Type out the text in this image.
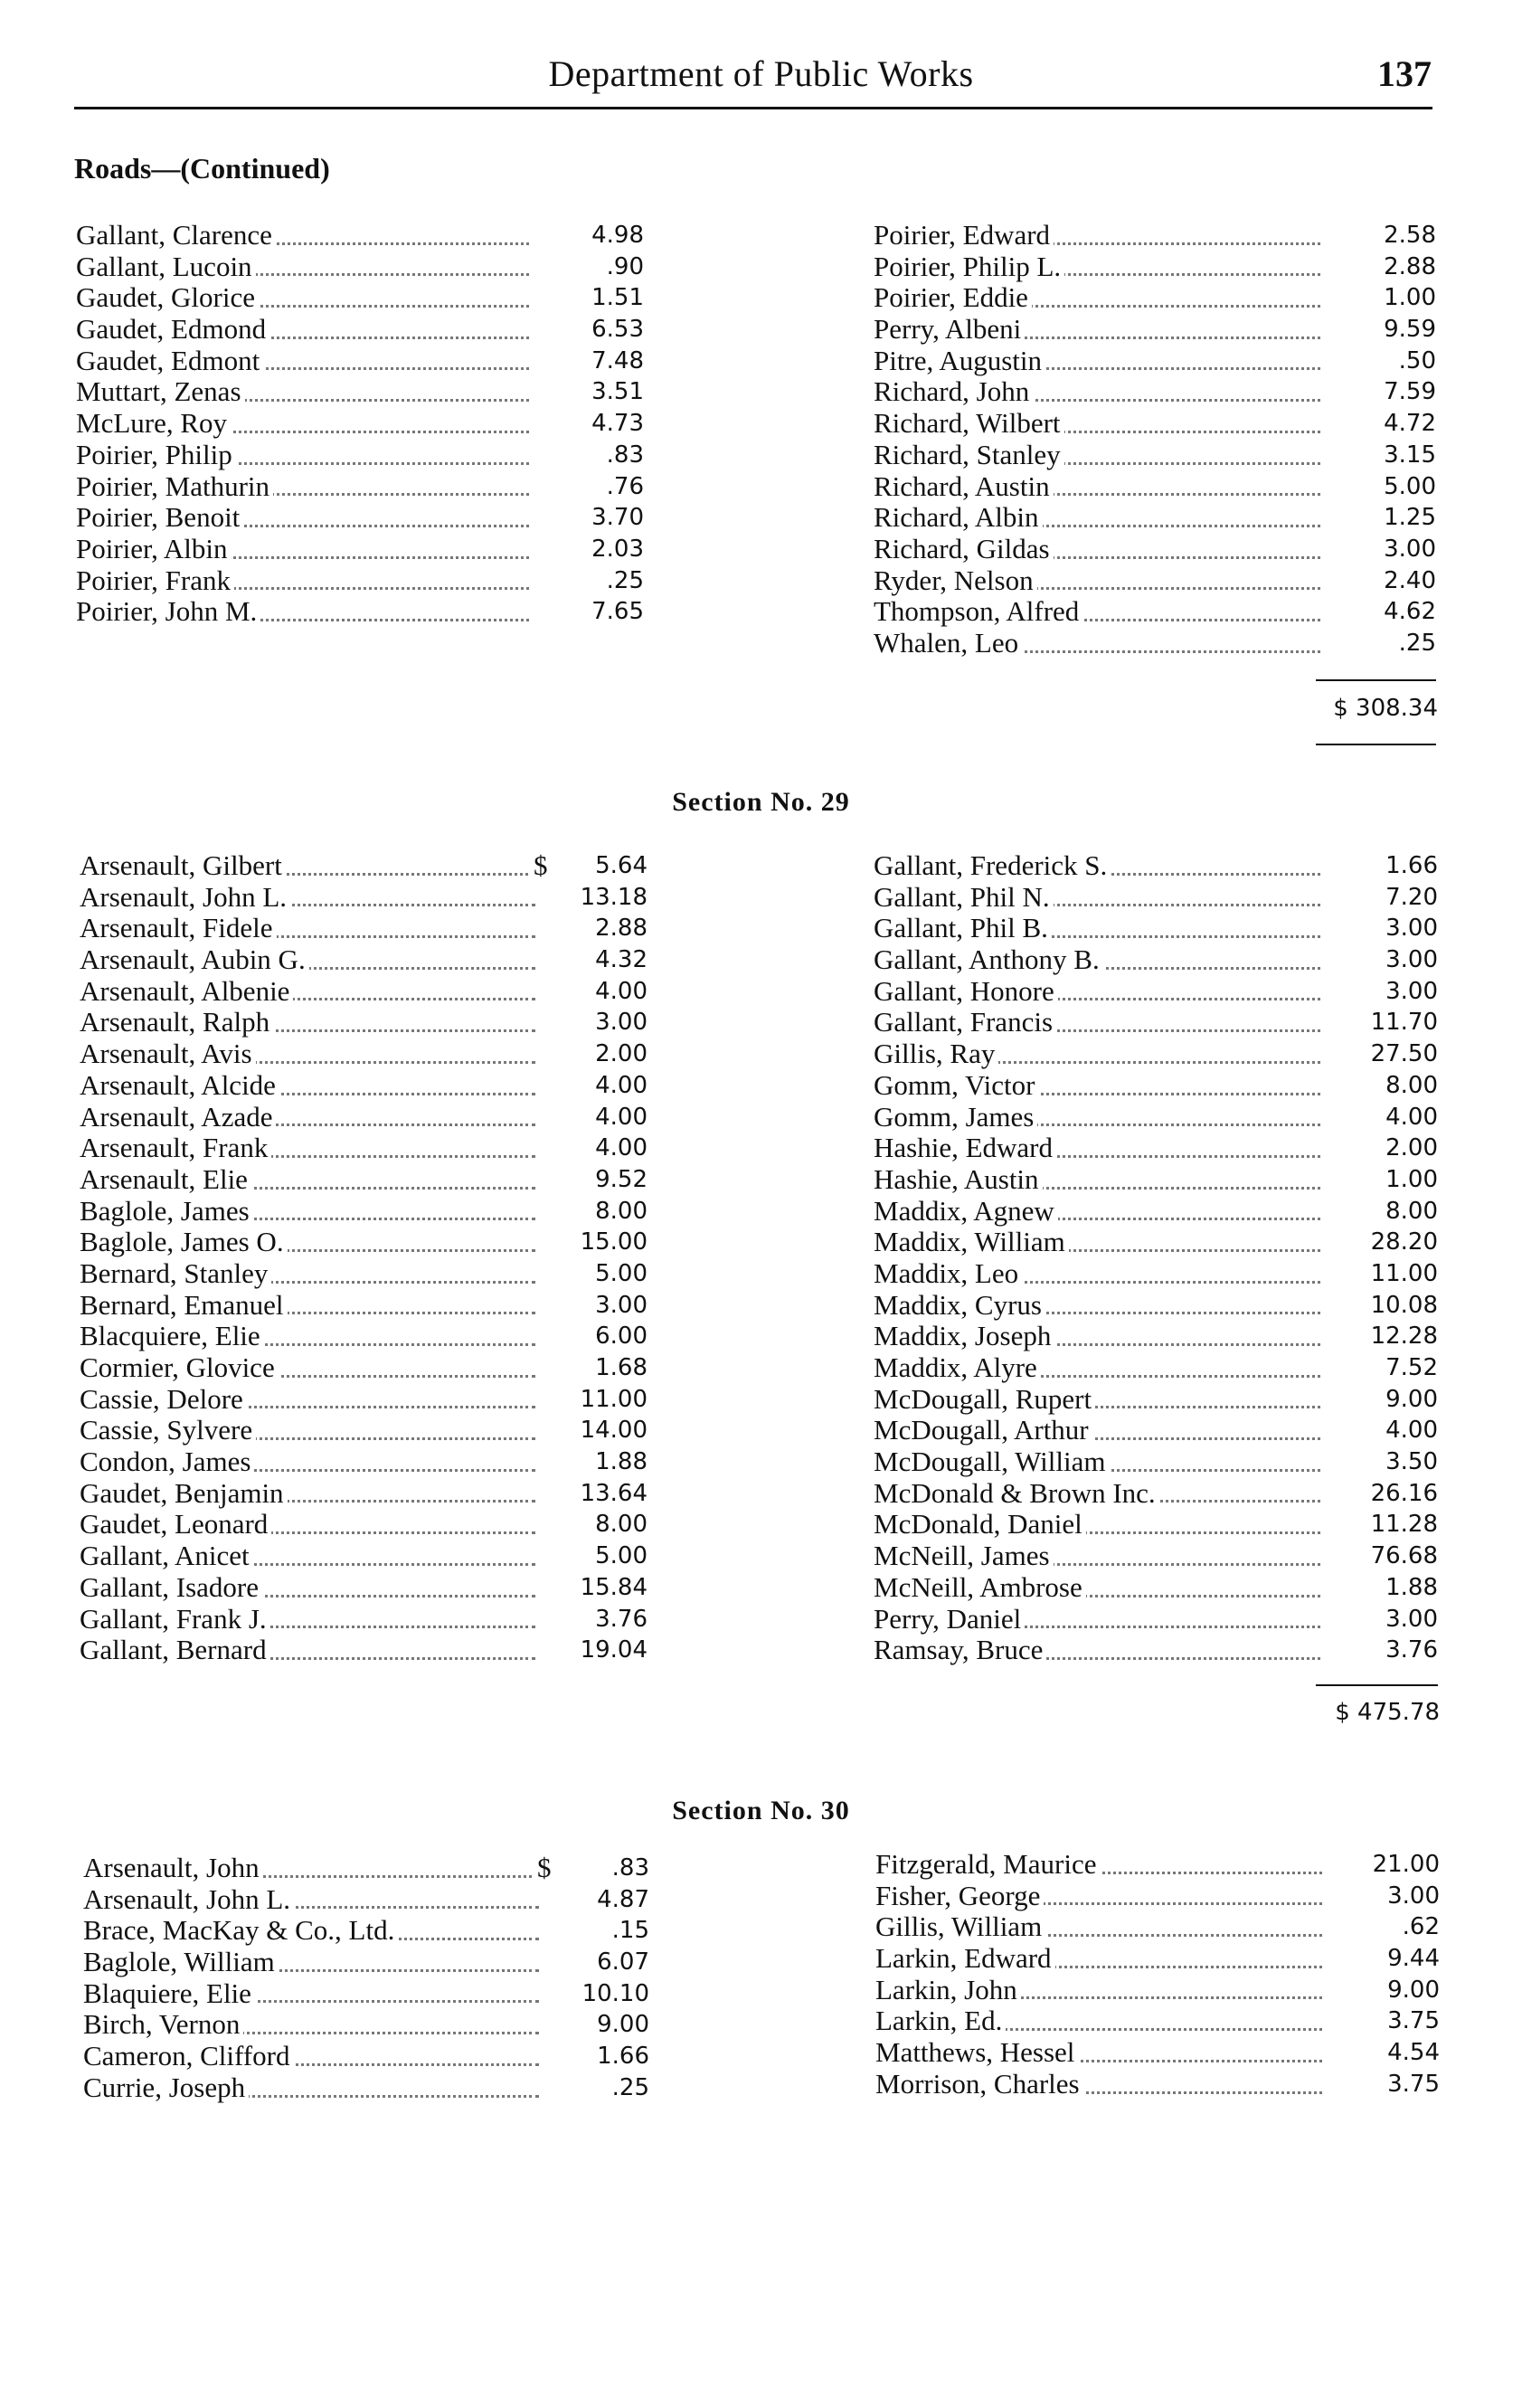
Department of Public Works	137
Roads—(Continued)
Gallant, Clarence	4.98
Gallant, Lucoin	.90
Gaudet, Glorice	1.51
Gaudet, Edmond	6.53
Gaudet, Edmont	7.48
Muttart, Zenas	3.51
McLure, Roy	4.73
Poirier, Philip	.83
Poirier, Mathurin	.76
Poirier, Benoit	3.70
Poirier, Albin	2.03
Poirier, Frank	.25
Poirier, John M.	7.65
Poirier, Edward	2.58
Poirier, Philip L.	2.88
Poirier, Eddie	1.00
Perry, Albeni	9.59
Pitre, Augustin	.50
Richard, John	7.59
Richard, Wilbert	4.72
Richard, Stanley	3.15
Richard, Austin	5.00
Richard, Albin	1.25
Richard, Gildas	3.00
Ryder, Nelson	2.40
Thompson, Alfred	4.62
Whalen, Leo	.25
$ 308.34
Section No. 29
Arsenault, Gilbert	$ 5.64
Arsenault, John L.	13.18
Arsenault, Fidele	2.88
Arsenault, Aubin G.	4.32
Arsenault, Albenie	4.00
Arsenault, Ralph	3.00
Arsenault, Avis	2.00
Arsenault, Alcide	4.00
Arsenault, Azade	4.00
Arsenault, Frank	4.00
Arsenault, Elie	9.52
Baglole, James	8.00
Baglole, James O.	15.00
Bernard, Stanley	5.00
Bernard, Emanuel	3.00
Blacquiere, Elie	6.00
Cormier, Glovice	1.68
Cassie, Delore	11.00
Cassie, Sylvere	14.00
Condon, James	1.88
Gaudet, Benjamin	13.64
Gaudet, Leonard	8.00
Gallant, Anicet	5.00
Gallant, Isadore	15.84
Gallant, Frank J.	3.76
Gallant, Bernard	19.04
Gallant, Frederick S.	1.66
Gallant, Phil N.	7.20
Gallant, Phil B.	3.00
Gallant, Anthony B.	3.00
Gallant, Honore	3.00
Gallant, Francis	11.70
Gillis, Ray	27.50
Gomm, Victor	8.00
Gomm, James	4.00
Hashie, Edward	2.00
Hashie, Austin	1.00
Maddix, Agnew	8.00
Maddix, William	28.20
Maddix, Leo	11.00
Maddix, Cyrus	10.08
Maddix, Joseph	12.28
Maddix, Alyre	7.52
McDougall, Rupert	9.00
McDougall, Arthur	4.00
McDougall, William	3.50
McDonald & Brown Inc.	26.16
McDonald, Daniel	11.28
McNeill, James	76.68
McNeill, Ambrose	1.88
Perry, Daniel	3.00
Ramsay, Bruce	3.76
$ 475.78
Section No. 30
Arsenault, John	$	.83
Arsenault, John L.	4.87
Brace, MacKay & Co., Ltd.	.15
Baglole, William	6.07
Blaquiere, Elie	10.10
Birch, Vernon	9.00
Cameron, Clifford	1.66
Currie, Joseph	.25
Fitzgerald, Maurice	21.00
Fisher, George	3.00
Gillis, William	.62
Larkin, Edward	9.44
Larkin, John	9.00
Larkin, Ed.	3.75
Matthews, Hessel	4.54
Morrison, Charles	3.75
